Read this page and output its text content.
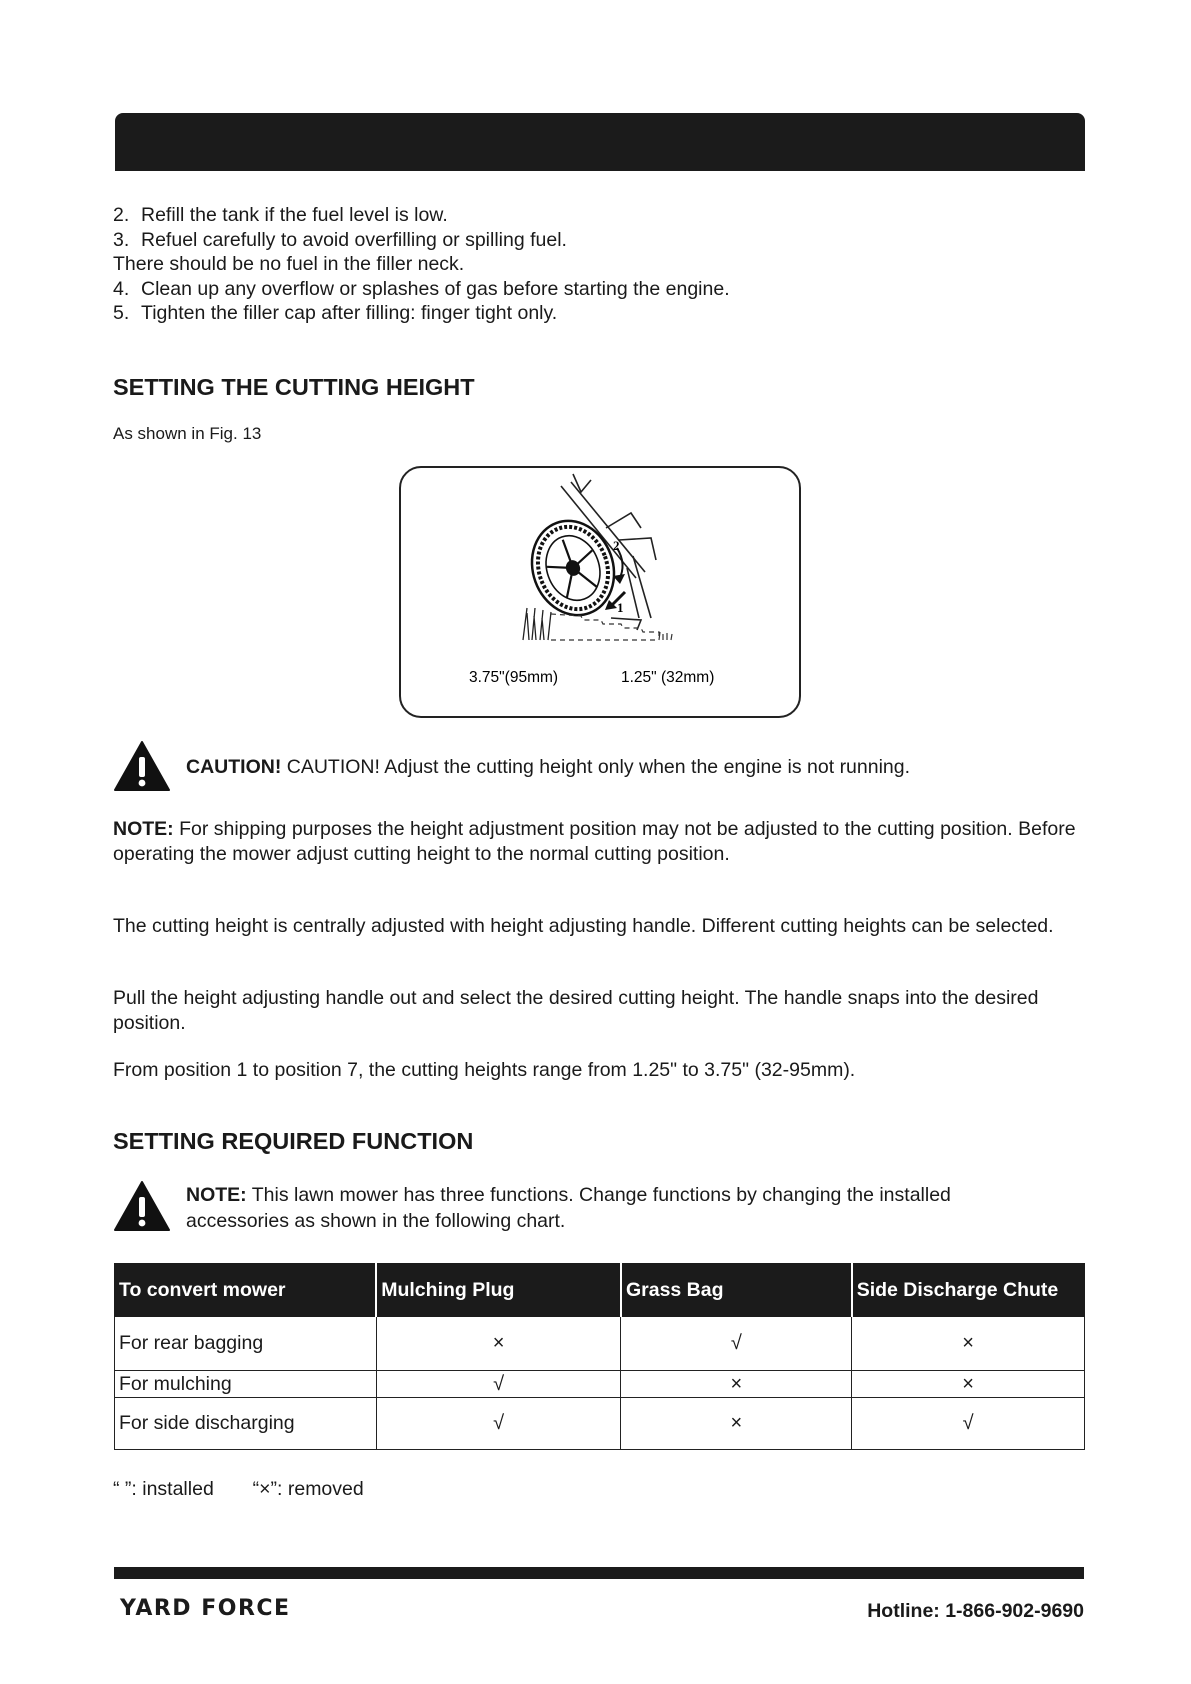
2. Refill the tank if the fuel level is low.
3. Refuel carefully to avoid overfilling or spilling fuel.
There should be no fuel in the filler neck.
4. Clean up any overflow or splashes of gas before starting the engine.
5. Tighten the filler cap after filling: finger tight only.
SETTING THE CUTTING HEIGHT
As shown in Fig. 13
2
1
3.75"(95mm)	1.25" (32mm)
CAUTION! CAUTION! Adjust the cutting height only when the engine is not running.
NOTE: For shipping purposes the height adjustment position may not be adjusted to the cutting position. Before operating the mower adjust cutting height to the normal cutting position.
The cutting height is centrally adjusted with height adjusting handle. Different cutting heights can be selected.
Pull the height adjusting handle out and select the desired cutting height. The handle snaps into the desired position.
From position 1 to position 7, the cutting heights range from 1.25" to 3.75" (32-95mm).
SETTING REQUIRED FUNCTION
NOTE: This lawn mower has three functions. Change functions by changing the installed accessories as shown in the following chart.
To convert mower	Mulching Plug	Grass Bag	Side Discharge Chute
For rear bagging	×	√	×
For mulching	√	×	×
For side discharging	√	×	√
“ ”: installed “×”: removed
YARD FORCE	Hotline: 1-866-902-9690
